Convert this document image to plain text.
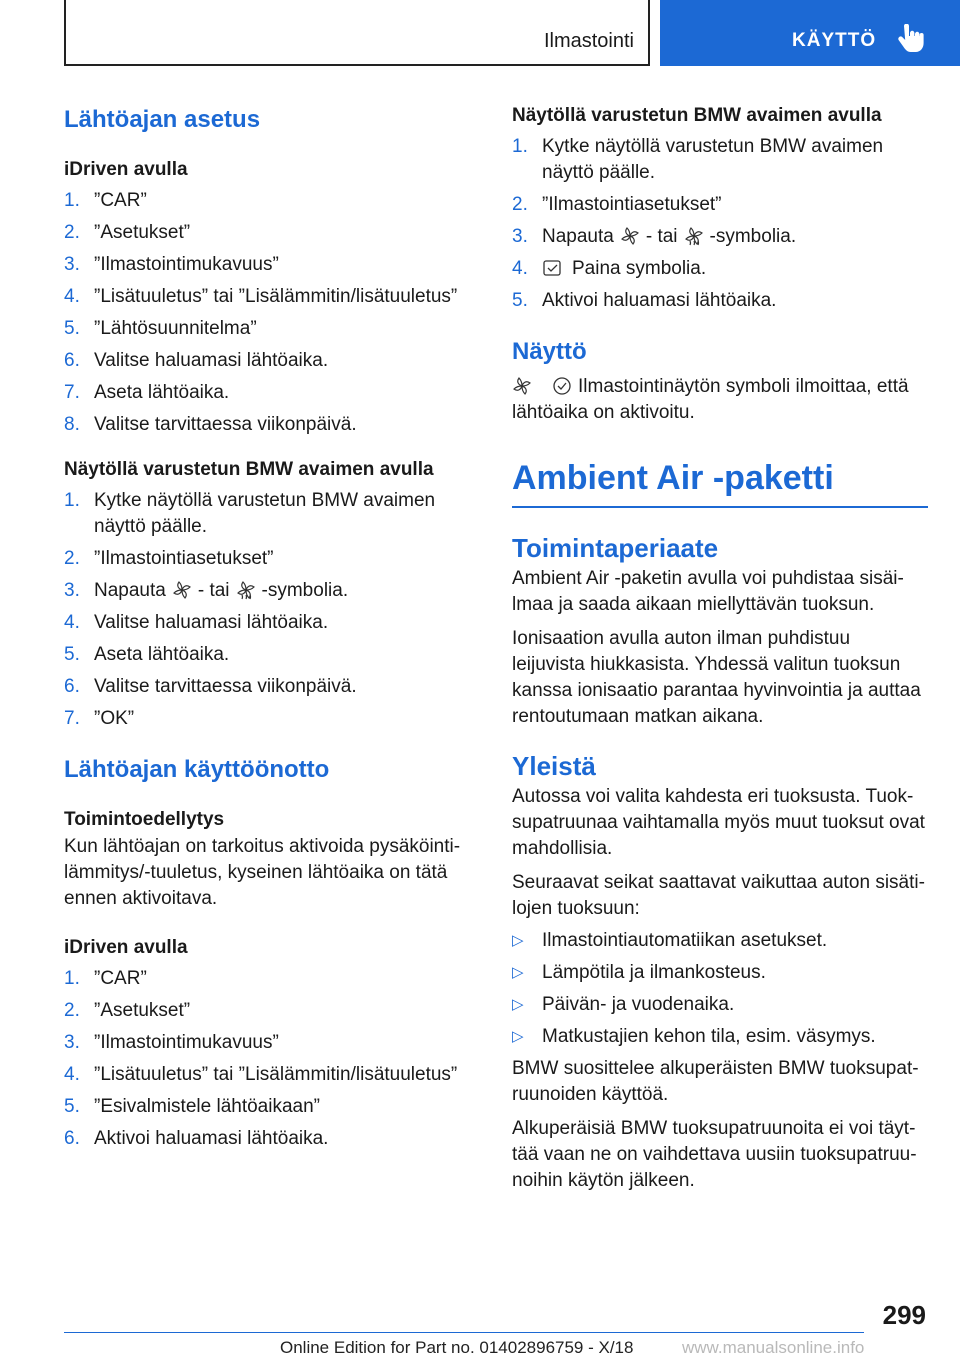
Ilmastointi	KÄYTTÖ
Lähtöajan asetus
iDriven avulla
1. ”CAR”
2. ”Asetukset”
3. ”Ilmastointimukavuus”
4. ”Lisätuuletus” tai ”Lisälämmitin/lisätuuletus”
5. ”Lähtösuunnitelma”
6. Valitse haluamasi lähtöaika.
7. Aseta lähtöaika.
8. Valitse tarvittaessa viikonpäivä.
Näytöllä varustetun BMW avaimen avulla
1. Kytke näytöllä varustetun BMW avaimen näyttö päälle.
2. ”Ilmastointiasetukset”
3. Napauta - tai -symbolia.
4. Valitse haluamasi lähtöaika.
5. Aseta lähtöaika.
6. Valitse tarvittaessa viikonpäivä.
7. ”OK”
Lähtöajan käyttöönotto
Toimintoedellytys

Kun lähtöajan on tarkoitus aktivoida pysäköintilämmitys/-tuuletus, kyseinen lähtöaika on tätä ennen aktivoitava.

iDriven avulla
1. ”CAR”
2. ”Asetukset”
3. ”Ilmastointimukavuus”
4. ”Lisätuuletus” tai ”Lisälämmitin/lisätuuletus”
5. ”Esivalmistele lähtöaikaan”
6. Aktivoi haluamasi lähtöaika.
Näytöllä varustetun BMW avaimen avulla
1. Kytke näytöllä varustetun BMW avaimen näyttö päälle.
2. ”Ilmastointiasetukset”
3. Napauta - tai -symbolia.
4. Paina symbolia.
5. Aktivoi haluamasi lähtöaika.
Näyttö

Ilmastointinäytön symboli ilmoittaa, että lähtöaika on aktivoitu.

Ambient Air -paketti
Toimintaperiaate

Ambient Air -paketin avulla voi puhdistaa sisäilmaa ja saada aikaan miellyttävän tuoksun.

Ionisaation avulla auton ilman puhdistuu leijuvista hiukkasista. Yhdessä valitun tuoksun kanssa ionisaatio parantaa hyvinvointia ja auttaa rentoutumaan matkan aikana.

Yleistä

Autossa voi valita kahdesta eri tuoksusta. Tuoksupatruunaa vaihtamalla myös muut tuoksut ovat mahdollisia.

Seuraavat seikat saattavat vaikuttaa auton sisätilojen tuoksuun:

▷ Ilmastointiautomatiikan asetukset.
▷ Lämpötila ja ilmankosteus.
▷ Päivän- ja vuodenaika.
▷ Matkustajien kehon tila, esim. väsymys.

BMW suosittelee alkuperäisten BMW tuoksupatruunoiden käyttöä.

Alkuperäisiä BMW tuoksupatruunoita ei voi täyttää vaan ne on vaihdettava uusiin tuoksupatruunoihin käytön jälkeen.

299
Online Edition for Part no. 01402896759 - X/18	www.manualsonline.info
